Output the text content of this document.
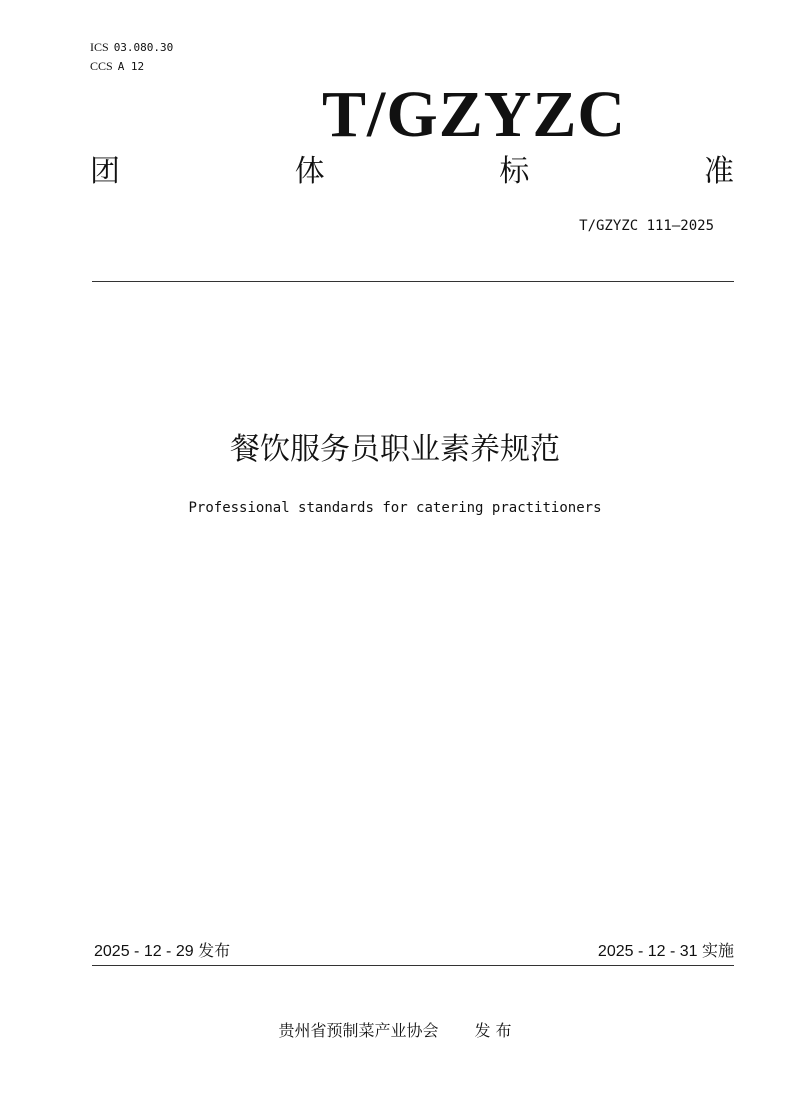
ICS 03.080.30
CCS A 12
T/GZYZC
团	体	标	准
T/GZYZC 111—2025
餐饮服务员职业素养规范
Professional standards for catering practitioners
2025 - 12 - 29 发布	2025 - 12 - 31 实施
贵州省预制菜产业协会 发 布
